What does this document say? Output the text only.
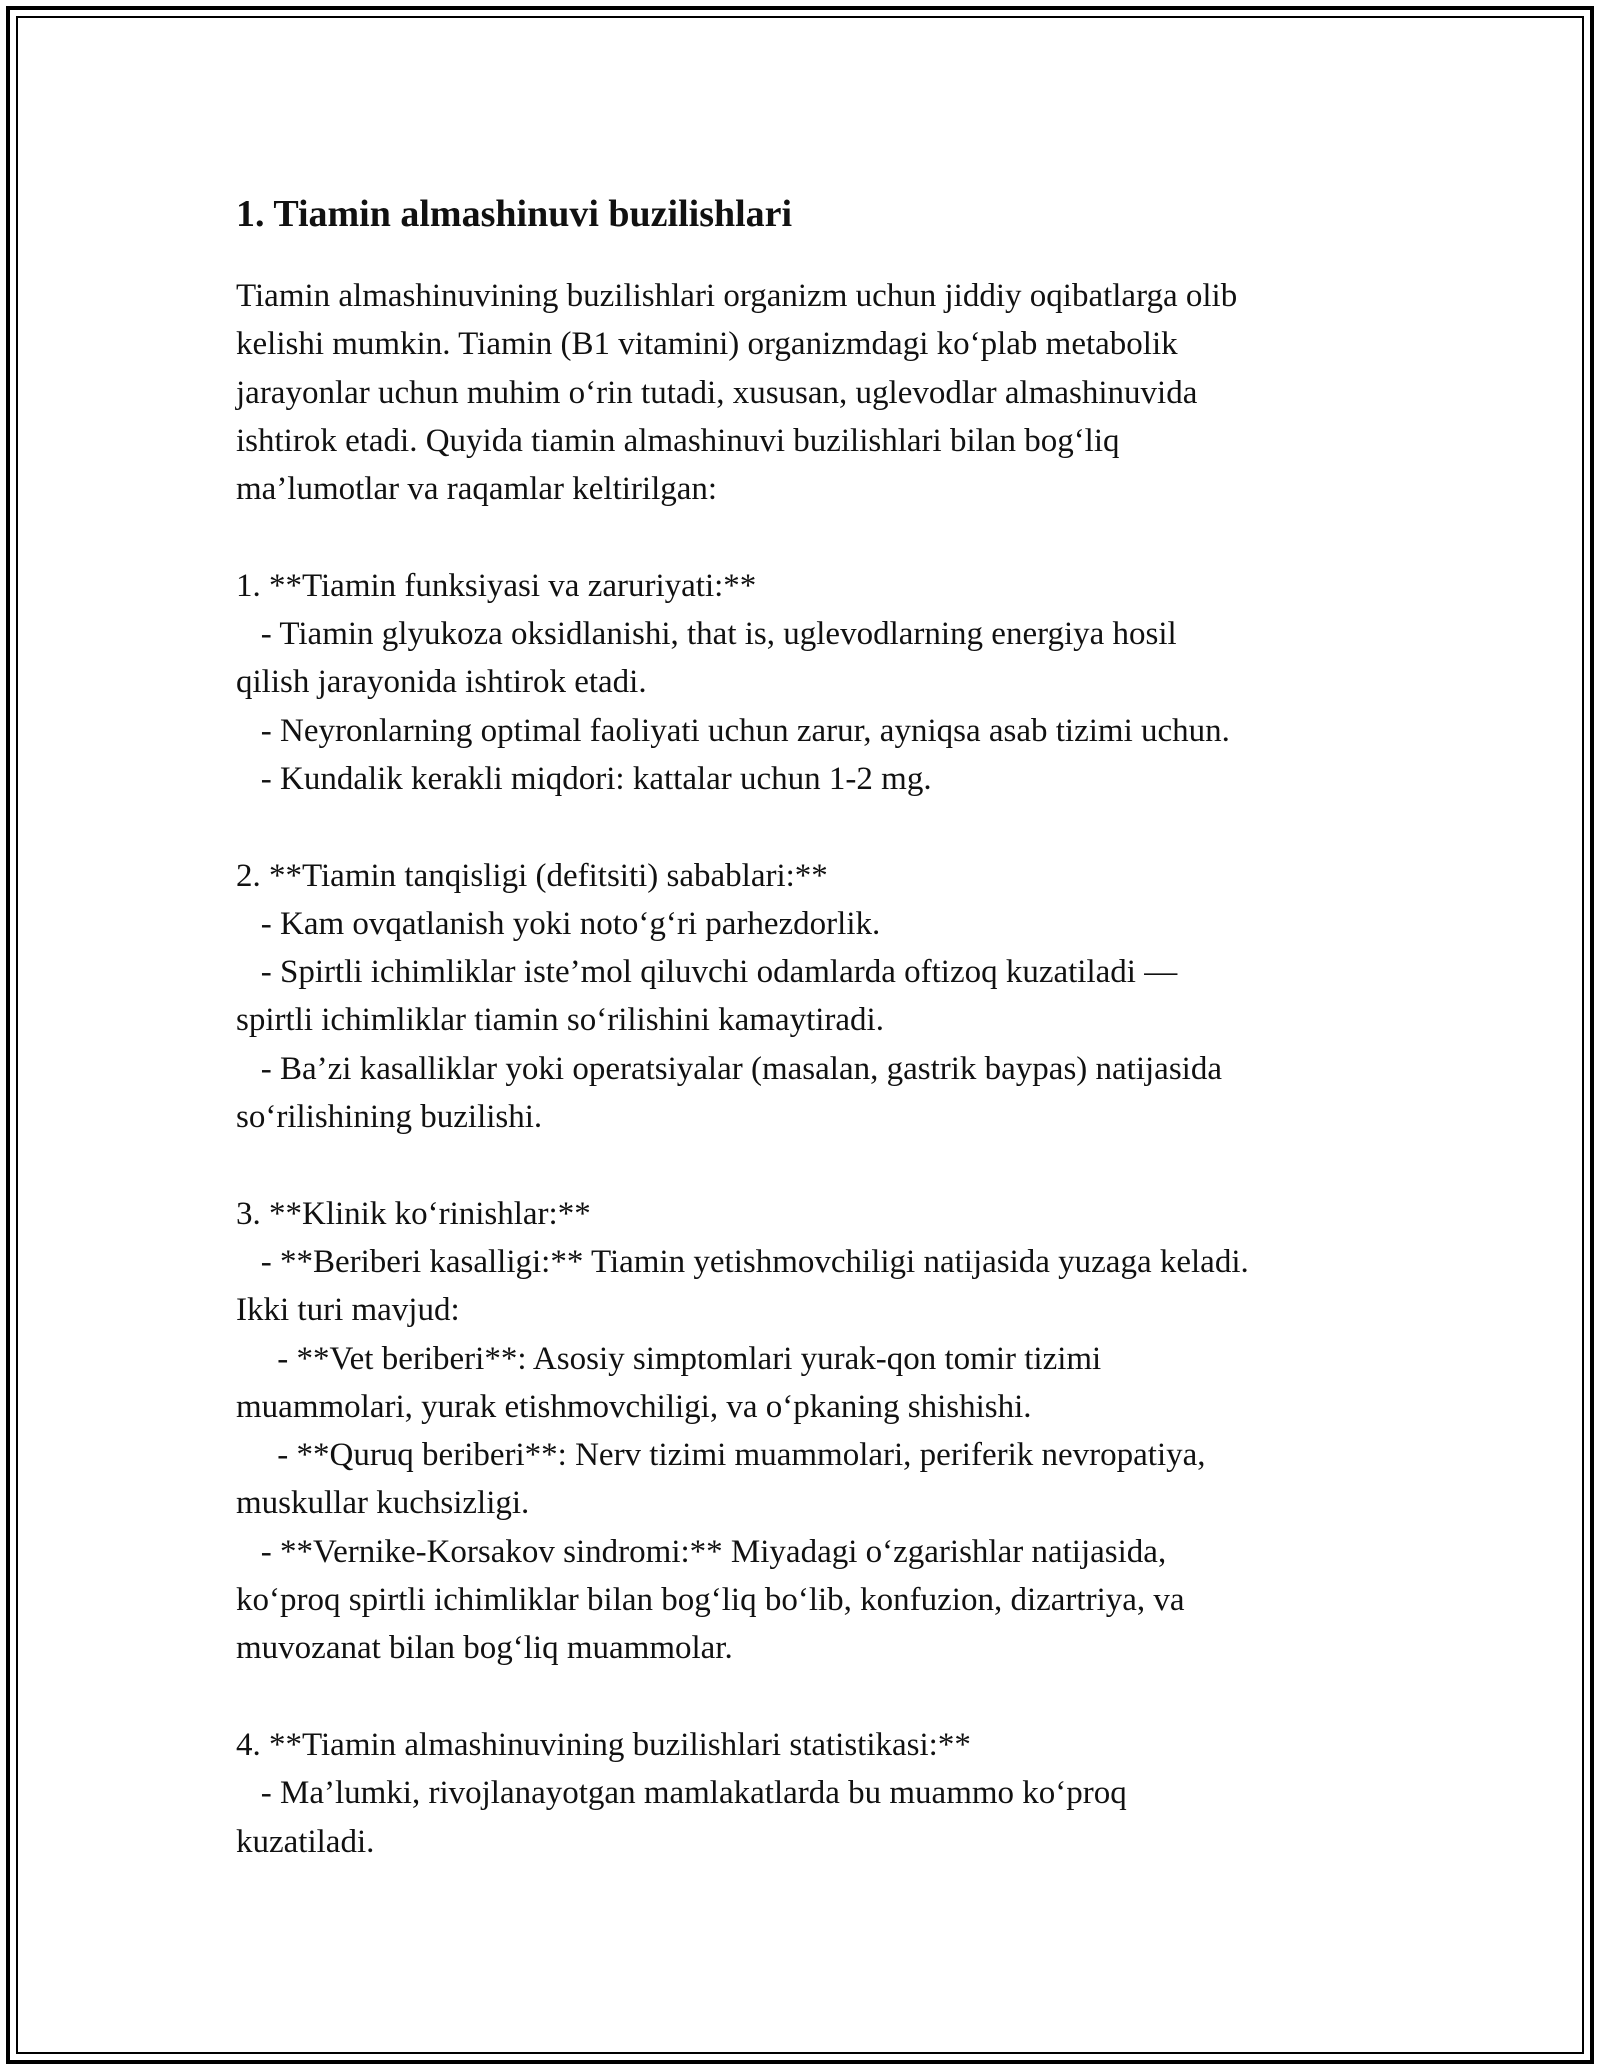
1. Tiamin almashinuvi buzilishlari
Tiamin almashinuvining buzilishlari organizm uchun jiddiy oqibatlarga olib
kelishi mumkin. Tiamin (B1 vitamini) organizmdagi ko‘plab metabolik
jarayonlar uchun muhim o‘rin tutadi, xususan, uglevodlar almashinuvida
ishtirok etadi. Quyida tiamin almashinuvi buzilishlari bilan bog‘liq
ma’lumotlar va raqamlar keltirilgan:

1. **Tiamin funksiyasi va zaruriyati:**
- Tiamin glyukoza oksidlanishi, that is, uglevodlarning energiya hosil
qilish jarayonida ishtirok etadi.
- Neyronlarning optimal faoliyati uchun zarur, ayniqsa asab tizimi uchun.
- Kundalik kerakli miqdori: kattalar uchun 1-2 mg.

2. **Tiamin tanqisligi (defitsiti) sabablari:**
- Kam ovqatlanish yoki noto‘g‘ri parhezdorlik.
- Spirtli ichimliklar iste’mol qiluvchi odamlarda oftizoq kuzatiladi —
spirtli ichimliklar tiamin so‘rilishini kamaytiradi.
- Ba’zi kasalliklar yoki operatsiyalar (masalan, gastrik baypas) natijasida
so‘rilishining buzilishi.

3. **Klinik ko‘rinishlar:**
- **Beriberi kasalligi:** Tiamin yetishmovchiligi natijasida yuzaga keladi.
Ikki turi mavjud:
- **Vet beriberi**: Asosiy simptomlari yurak-qon tomir tizimi
muammolari, yurak etishmovchiligi, va o‘pkaning shishishi.
- **Quruq beriberi**: Nerv tizimi muammolari, periferik nevropatiya,
muskullar kuchsizligi.
- **Vernike-Korsakov sindromi:** Miyadagi o‘zgarishlar natijasida,
ko‘proq spirtli ichimliklar bilan bog‘liq bo‘lib, konfuzion, dizartriya, va
muvozanat bilan bog‘liq muammolar.

4. **Tiamin almashinuvining buzilishlari statistikasi:**
- Ma’lumki, rivojlanayotgan mamlakatlarda bu muammo ko‘proq
kuzatiladi.
